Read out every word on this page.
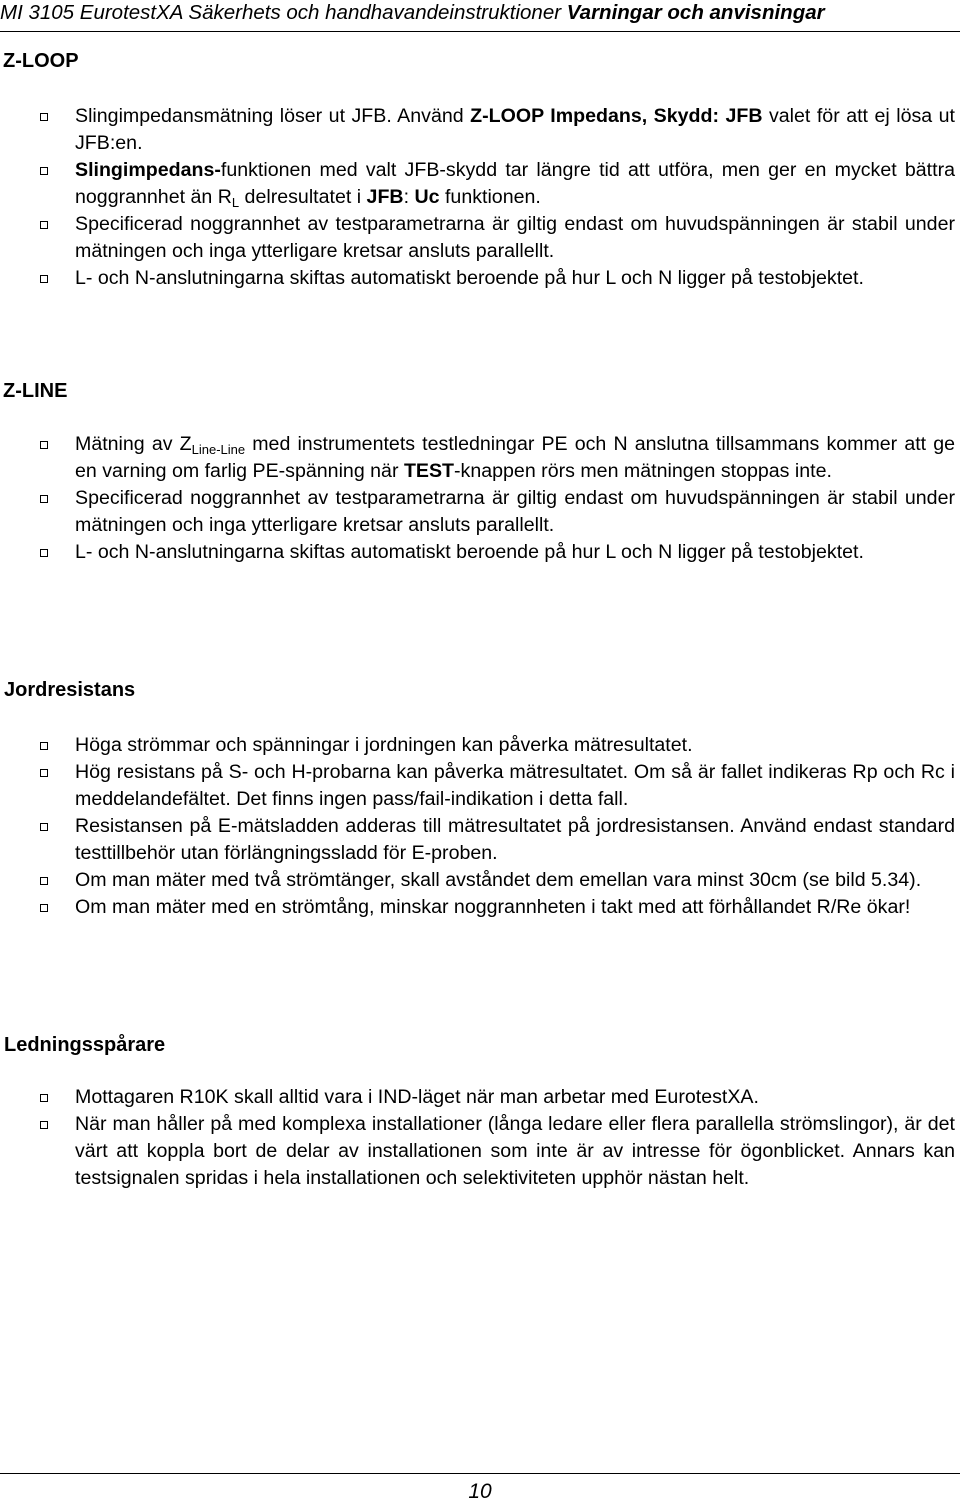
MI 3105 EurotestXA Säkerhets och handhavandeinstruktioner Varningar och anvisningar
Z-LOOP
Slingimpedansmätning löser ut JFB. Använd Z-LOOP Impedans, Skydd: JFB valet för att ej lösa ut JFB:en.
Slingimpedans-funktionen med valt JFB-skydd tar längre tid att utföra, men ger en mycket bättra noggrannhet än $R_L$ delresultatet i JFB: Uc funktionen.
Specificerad noggrannhet av testparametrarna är giltig endast om huvudspänningen är stabil under mätningen och inga ytterligare kretsar ansluts parallellt.
L- och N-anslutningarna skiftas automatiskt beroende på hur L och N ligger på testobjektet.
Z-LINE
Mätning av $Z_{Line-Line}$ med instrumentets testledningar PE och N anslutna tillsammans kommer att ge en varning om farlig PE-spänning när TEST-knappen rörs men mätningen stoppas inte.
Specificerad noggrannhet av testparametrarna är giltig endast om huvudspänningen är stabil under mätningen och inga ytterligare kretsar ansluts parallellt.
L- och N-anslutningarna skiftas automatiskt beroende på hur L och N ligger på testobjektet.
Jordresistans
Höga strömmar och spänningar i jordningen kan påverka mätresultatet.
Hög resistans på S- och H-probarna kan påverka mätresultatet. Om så är fallet indikeras Rp och Rc i meddelandefältet. Det finns ingen pass/fail-indikation i detta fall.
Resistansen på E-mätsladden adderas till mätresultatet på jordresistansen. Använd endast standard testtillbehör utan förlängningssladd för E-proben.
Om man mäter med två strömtänger, skall avståndet dem emellan vara minst 30cm (se bild 5.34).
Om man mäter med en strömtång, minskar noggrannheten i takt med att förhållandet R/Re ökar!
Ledningsspårare
Mottagaren R10K skall alltid vara i IND-läget när man arbetar med EurotestXA.
När man håller på med komplexa installationer (långa ledare eller flera parallella strömslingor), är det värt att koppla bort de delar av installationen som inte är av intresse för ögonblicket. Annars kan testsignalen spridas i hela installationen och selektiviteten upphör nästan helt.
10
